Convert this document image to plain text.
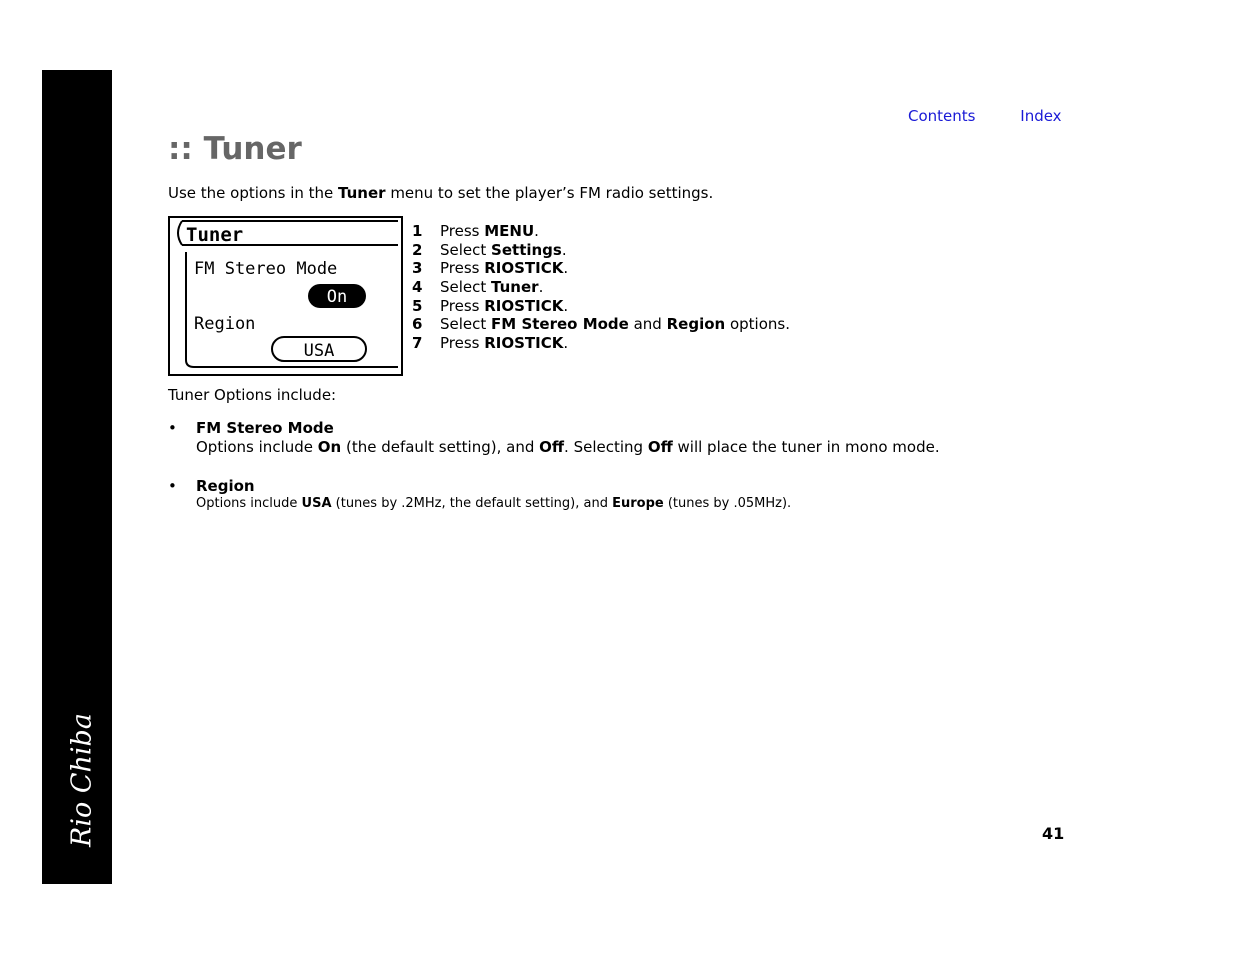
Rio Chiba
Contents	Index
:: Tuner

Use the options in the Tuner menu to set the player’s FM radio settings.

Tuner
FM Stereo Mode
On
Region
USA
1 Press MENU.
2 Select Settings.
3 Press RIOSTICK.
4 Select Tuner.
5 Press RIOSTICK.
6 Select FM Stereo Mode and Region options.
7 Press RIOSTICK.

Tuner Options include:

• FM Stereo Mode
Options include On (the default setting), and Off. Selecting Off will place the tuner in mono mode.
• Region
Options include USA (tunes by .2MHz, the default setting), and Europe (tunes by .05MHz).
41
